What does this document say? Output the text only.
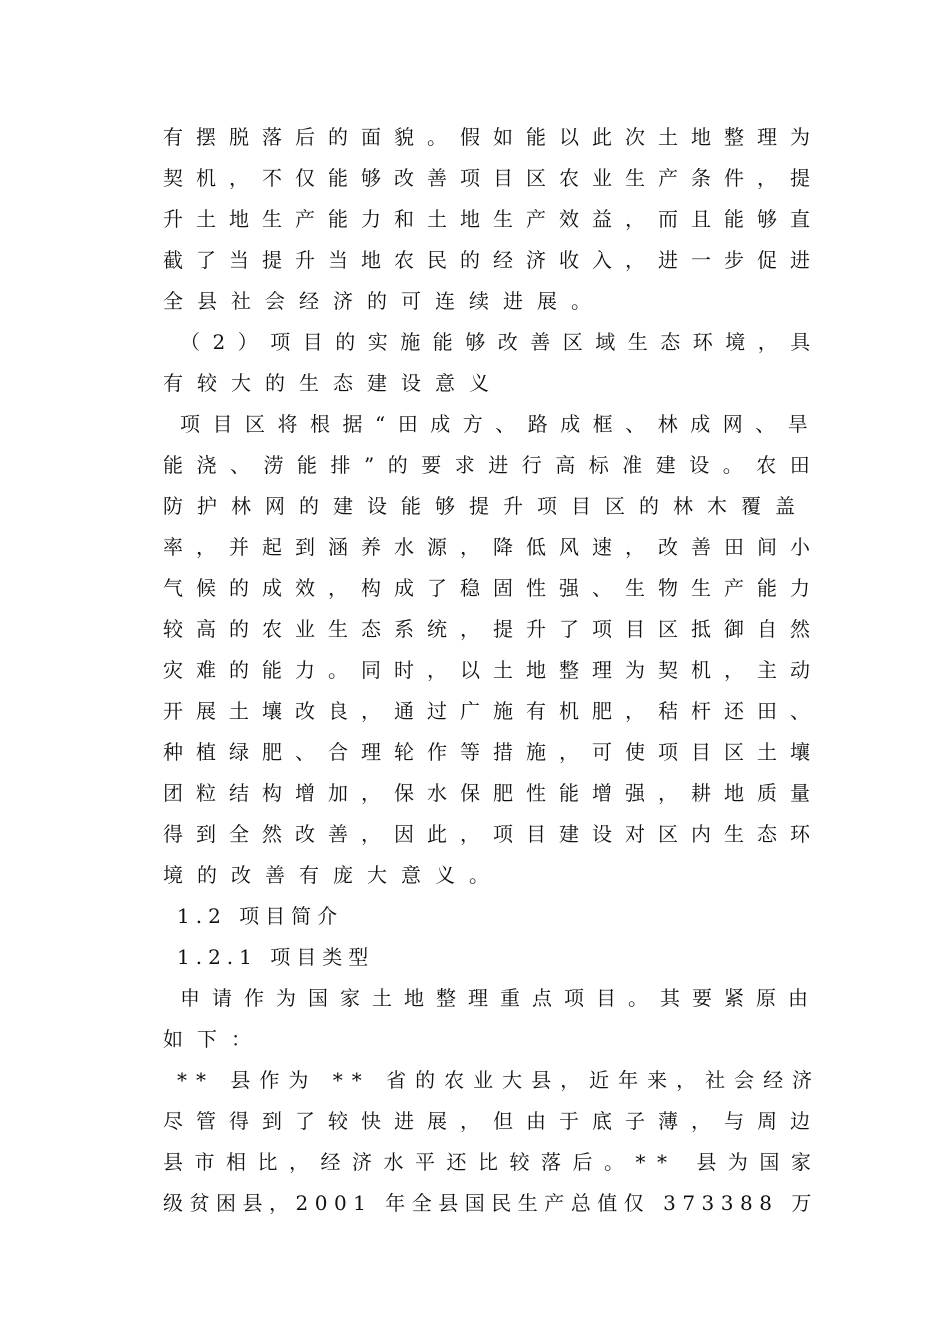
有摆脱落后的面貌。假如能以此次土地整理为
契机，不仅能够改善项目区农业生产条件，提
升土地生产能力和土地生产效益，而且能够直
截了当提升当地农民的经济收入，进一步促进
全县社会经济的可连续进展。
（2）项目的实施能够改善区域生态环境，具
有较大的生态建设意义
项目区将根据“田成方、路成框、林成网、旱
能浇、涝能排”的要求进行高标准建设。农田
防护林网的建设能够提升项目区的林木覆盖
率，并起到涵养水源，降低风速，改善田间小
气候的成效，构成了稳固性强、生物生产能力
较高的农业生态系统，提升了项目区抵御自然
灾难的能力。同时，以土地整理为契机，主动
开展土壤改良，通过广施有机肥，秸杆还田、
种植绿肥、合理轮作等措施，可使项目区土壤
团粒结构增加，保水保肥性能增强，耕地质量
得到全然改善，因此，项目建设对区内生态环
境的改善有庞大意义。
1.2 项目简介
1.2.1 项目类型
申请作为国家土地整理重点项目。其要紧原由
如下：
** 县作为 ** 省的农业大县，近年来，社会经济
尽管得到了较快进展，但由于底子薄，与周边
县市相比，经济水平还比较落后。** 县为国家
级贫困县，2001 年全县国民生产总值仅 373388 万
